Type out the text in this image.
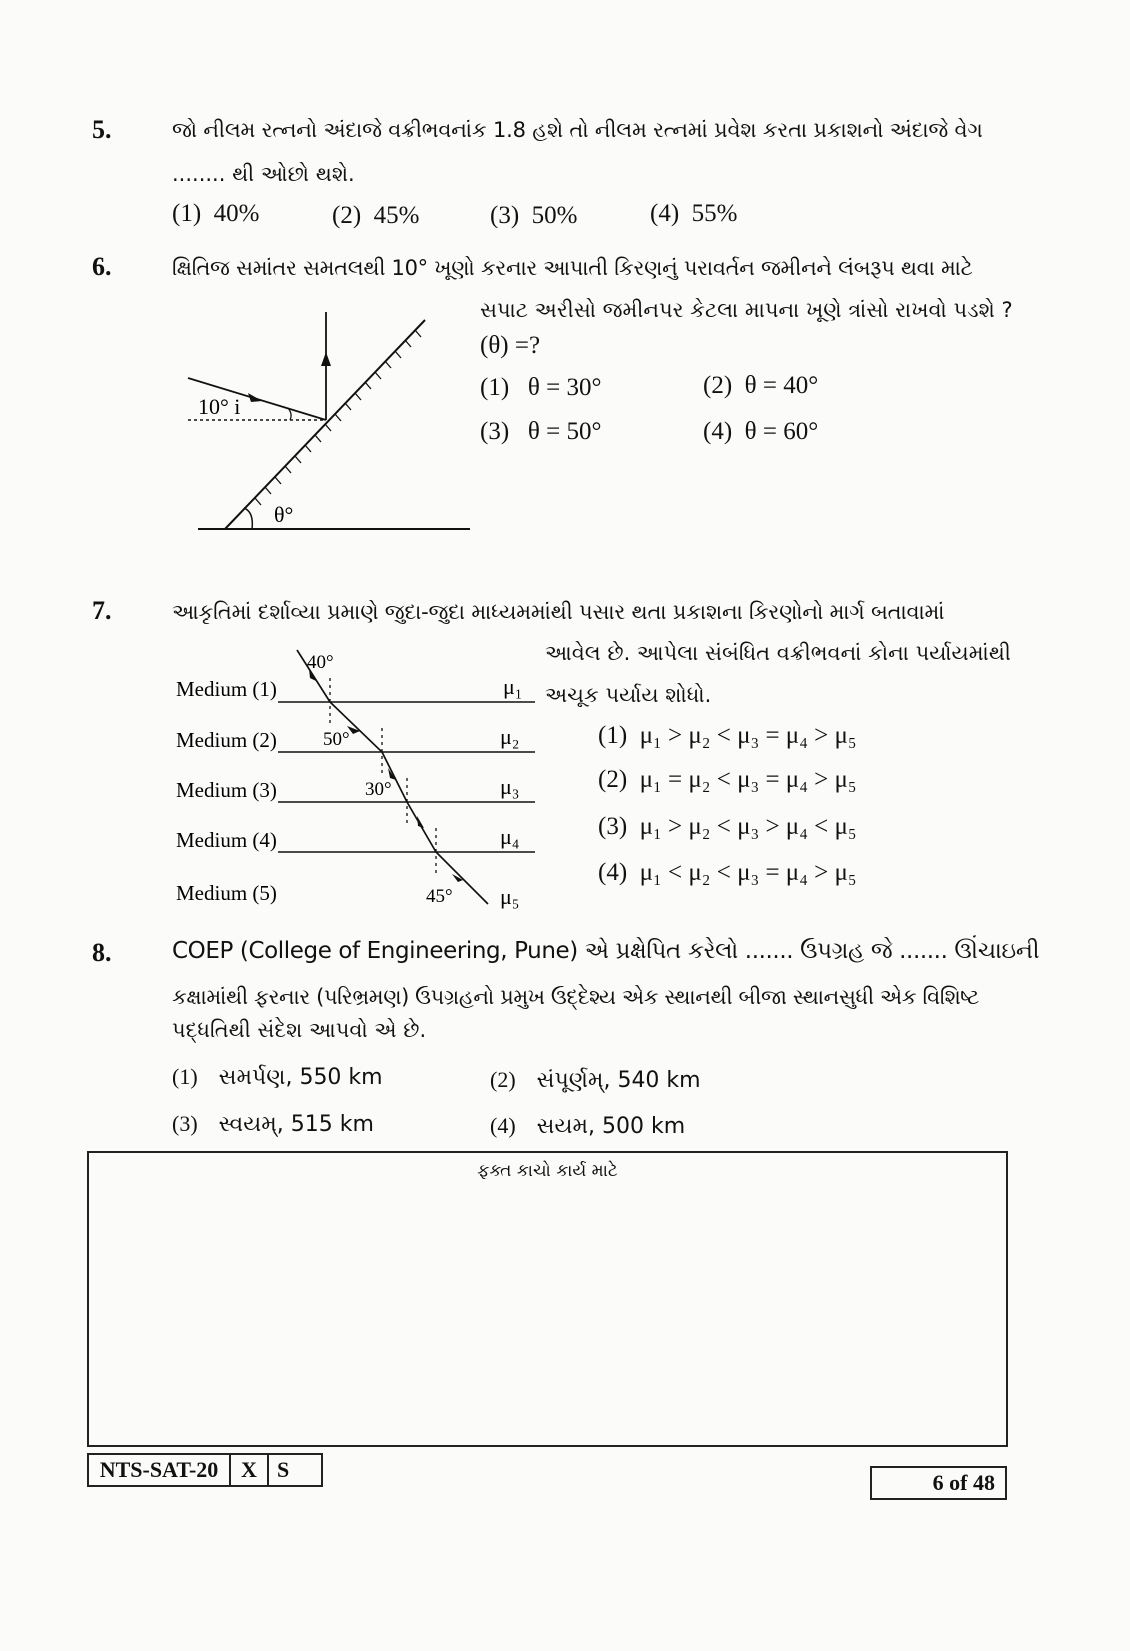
5.	જો નીલમ રત્નનો અંદાજે વક્રીભવનાંક 1.8 હશે તો નીલમ રત્નમાં પ્રવેશ કરતા પ્રકાશનો અંદાજે વેગ
........ થી ઓછો થશે.
(1) 40%	(2) 45%	(3) 50%	(4) 55%
6.	ક્ષિતિજ સમાંતર સમતલથી 10° ખૂણો કરનાર આપાતી કિરણનું પરાવર્તન જમીનને લંબરૂપ થવા માટે
સપાટ અરીસો જમીનપર કેટલા માપના ખૂણે ત્રાંસો રાખવો પડશે ?
(θ) =?
(1) θ = 30°	(2) θ = 40°
(3) θ = 50°	(4) θ = 60°
10° i
θ°
7.	આકૃતિમાં દર્શાવ્યા પ્રમાણે જુદા-જુદા માધ્યમમાંથી પસાર થતા પ્રકાશના કિરણોનો માર્ગ બતાવામાં
આવેલ છે. આપેલા સંબંધિત વક્રીભવનાં કોના પર્યાયમાંથી
અચૂક પર્યાય શોધો.
(1) μ₁ > μ₂ < μ₃ = μ₄ > μ₅
(2) μ₁ = μ₂ < μ₃ = μ₄ > μ₅
(3) μ₁ > μ₂ < μ₃ > μ₄ < μ₅
(4) μ₁ < μ₂ < μ₃ = μ₄ > μ₅
Medium (1)
Medium (2)
Medium (3)
Medium (4)
Medium (5)
μ₁
μ₂
μ₃
μ₄
μ₅
40°
50°
30°
45°
8.	COEP (College of Engineering, Pune) એ પ્રક્ષેપિત કરેલો ....... ઉપગ્રહ જે ....... ઊંચાઇની
કક્ષામાંથી ફરનાર (પરિભ્રમણ) ઉપગ્રહનો પ્રમુખ ઉદ્દેશ્ય એક સ્થાનથી બીજા સ્થાનસુધી એક વિશિષ્ટ
પદ્ધતિથી સંદેશ આપવો એ છે.
(1) સમર્પણ, 550 km	(2) સંપૂર્ણમ્, 540 km
(3) સ્વયમ્, 515 km	(4) સયમ, 500 km
ફક્ત કાચો કાર્ય માટે
NTS-SAT-20	X S
6 of 48
